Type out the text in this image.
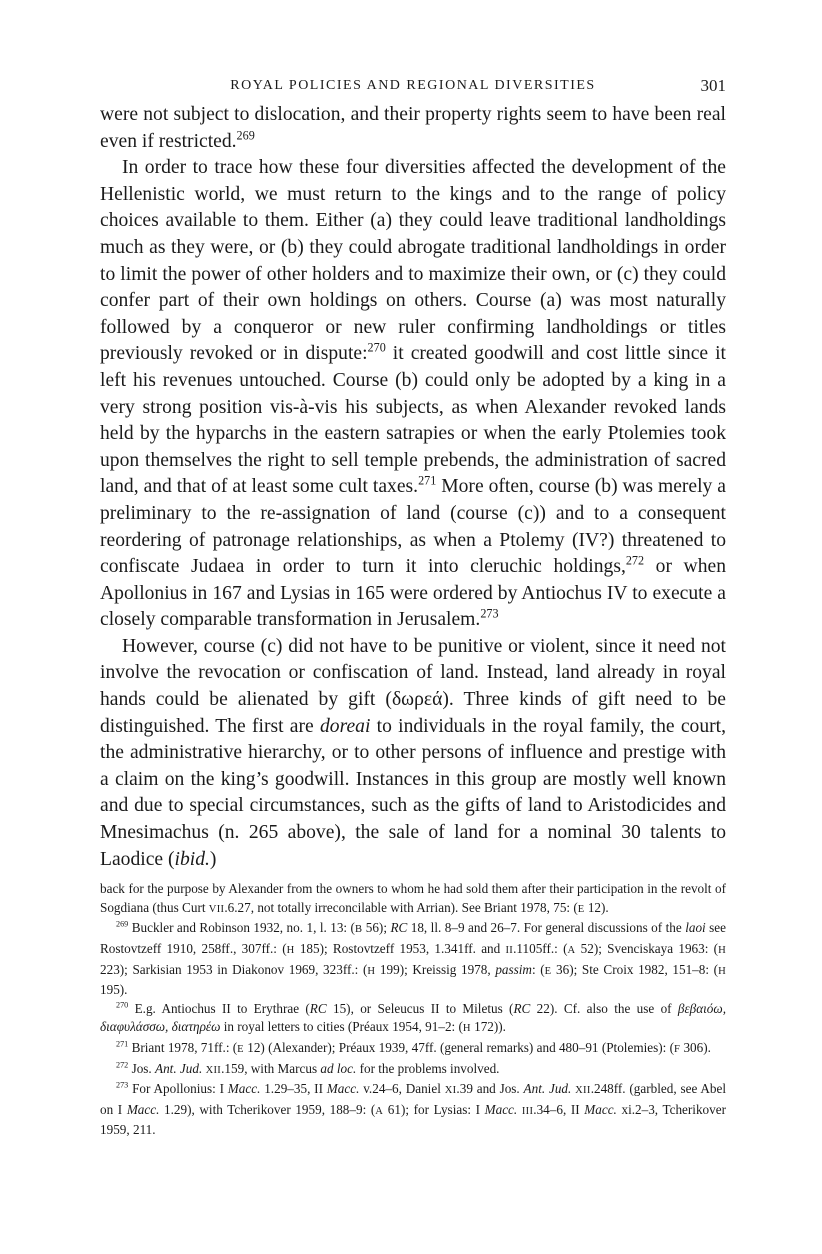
ROYAL POLICIES AND REGIONAL DIVERSITIES	301

were not subject to dislocation, and their property rights seem to have been real even if restricted.$^{269}$

In order to trace how these four diversities affected the development of the Hellenistic world, we must return to the kings and to the range of policy choices available to them. Either (a) they could leave traditional landholdings much as they were, or (b) they could abrogate traditional landholdings in order to limit the power of other holders and to maximize their own, or (c) they could confer part of their own holdings on others. Course (a) was most naturally followed by a conqueror or new ruler confirming landholdings or titles previously revoked or in dispute:$^{270}$ it created goodwill and cost little since it left his revenues untouched. Course (b) could only be adopted by a king in a very strong position vis-à-vis his subjects, as when Alexander revoked lands held by the hyparchs in the eastern satrapies or when the early Ptolemies took upon themselves the right to sell temple prebends, the administration of sacred land, and that of at least some cult taxes.$^{271}$ More often, course (b) was merely a preliminary to the re-assignation of land (course (c)) and to a consequent reordering of patronage relationships, as when a Ptolemy (IV?) threatened to confiscate Judaea in order to turn it into cleruchic holdings,$^{272}$ or when Apollonius in 167 and Lysias in 165 were ordered by Antiochus IV to execute a closely comparable transformation in Jerusalem.$^{273}$

However, course (c) did not have to be punitive or violent, since it need not involve the revocation or confiscation of land. Instead, land already in royal hands could be alienated by gift (δωρεά). Three kinds of gift need to be distinguished. The first are doreai to individuals in the royal family, the court, the administrative hierarchy, or to other persons of influence and prestige with a claim on the king’s goodwill. Instances in this group are mostly well known and due to special circumstances, such as the gifts of land to Aristodicides and Mnesimachus (n. 265 above), the sale of land for a nominal 30 talents to Laodice (ibid.)

back for the purpose by Alexander from the owners to whom he had sold them after their participation in the revolt of Sogdiana (thus Curt VII.6.27, not totally irreconcilable with Arrian). See Briant 1978, 75: (E 12).

$^{269}$ Buckler and Robinson 1932, no. 1, l. 13: (B 56); RC 18, ll. 8–9 and 26–7. For general discussions of the laoi see Rostovtzeff 1910, 258ff., 307ff.: (H 185); Rostovtzeff 1953, 1.341ff. and II.1105ff.: (A 52); Svenciskaya 1963: (H 223); Sarkisian 1953 in Diakonov 1969, 323ff.: (H 199); Kreissig 1978, passim: (E 36); Ste Croix 1982, 151–8: (H 195).

$^{270}$ E.g. Antiochus II to Erythrae (RC 15), or Seleucus II to Miletus (RC 22). Cf. also the use of βεβαιόω, διαφυλάσσω, διατηρέω in royal letters to cities (Préaux 1954, 91–2: (H 172)).

$^{271}$ Briant 1978, 71ff.: (E 12) (Alexander); Préaux 1939, 47ff. (general remarks) and 480–91 (Ptolemies): (F 306).

$^{272}$ Jos. Ant. Jud. XII.159, with Marcus ad loc. for the problems involved.

$^{273}$ For Apollonius: I Macc. 1.29–35, II Macc. v.24–6, Daniel XI.39 and Jos. Ant. Jud. XII.248ff. (garbled, see Abel on I Macc. 1.29), with Tcherikover 1959, 188–9: (A 61); for Lysias: I Macc. III.34–6, II Macc. xi.2–3, Tcherikover 1959, 211.
